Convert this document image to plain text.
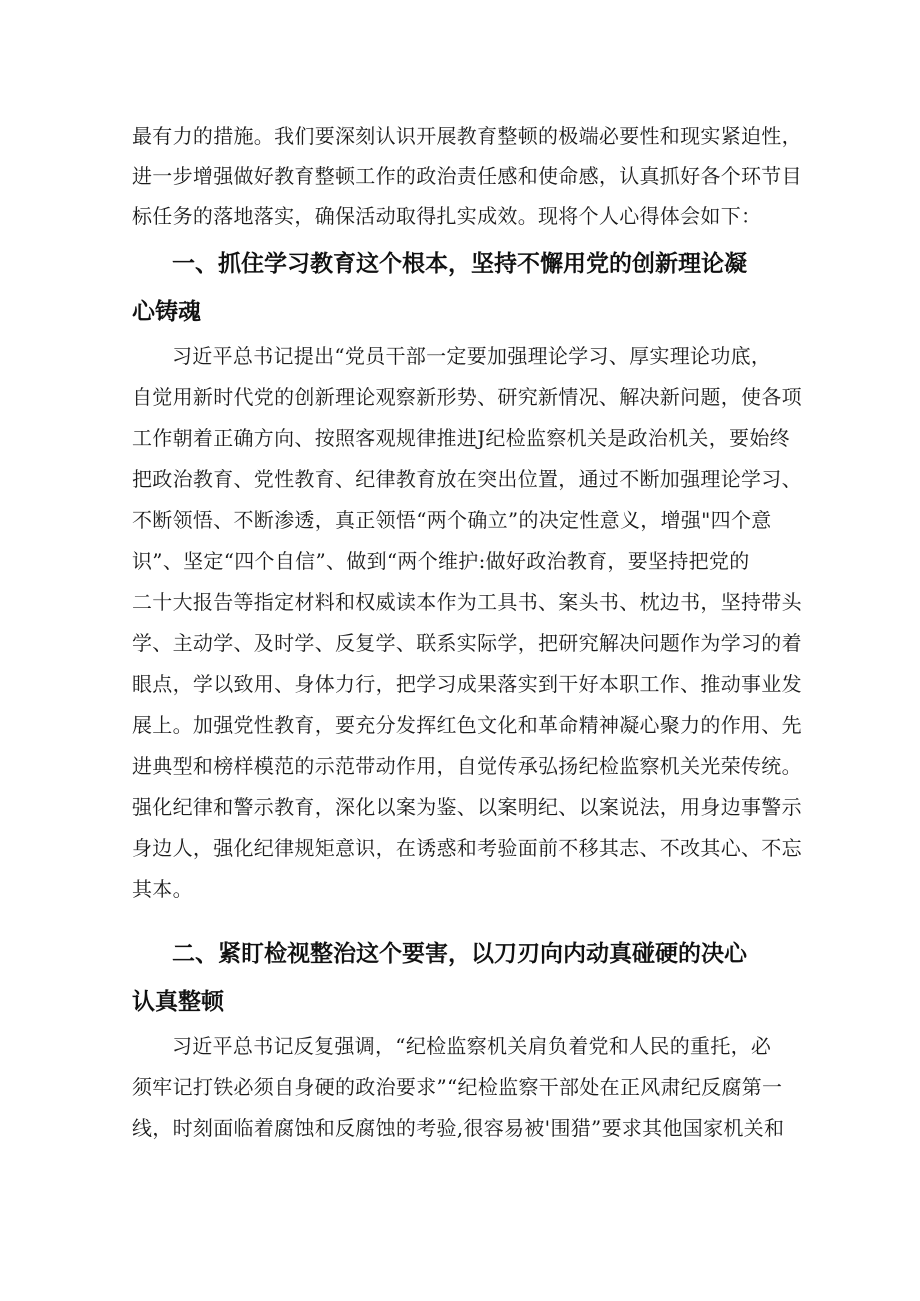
最有力的措施。我们要深刻认识开展教育整顿的极端必要性和现实紧迫性，
进一步增强做好教育整顿工作的政治责任感和使命感，认真抓好各个环节目
标任务的落地落实，确保活动取得扎实成效。现将个人心得体会如下：
一、抓住学习教育这个根本，坚持不懈用党的创新理论凝
心铸魂
习近平总书记提出“党员干部一定要加强理论学习、厚实理论功底，
自觉用新时代党的创新理论观察新形势、研究新情况、解决新问题，使各项
工作朝着正确方向、按照客观规律推进J纪检监察机关是政治机关，要始终
把政治教育、党性教育、纪律教育放在突出位置，通过不断加强理论学习、
不断领悟、不断渗透，真正领悟“两个确立”的决定性意义，增强"四个意
识”、坚定“四个自信”、做到“两个维护:做好政治教育，要坚持把党的
二十大报告等指定材料和权威读本作为工具书、案头书、枕边书，坚持带头
学、主动学、及时学、反复学、联系实际学，把研究解决问题作为学习的着
眼点，学以致用、身体力行，把学习成果落实到干好本职工作、推动事业发
展上。加强党性教育，要充分发挥红色文化和革命精神凝心聚力的作用、先
进典型和榜样模范的示范带动作用，自觉传承弘扬纪检监察机关光荣传统。
强化纪律和警示教育，深化以案为鉴、以案明纪、以案说法，用身边事警示
身边人，强化纪律规矩意识，在诱惑和考验面前不移其志、不改其心、不忘
其本。
二、紧盯检视整治这个要害，以刀刃向内动真碰硬的决心
认真整顿
习近平总书记反复强调，“纪检监察机关肩负着党和人民的重托，必
须牢记打铁必须自身硬的政治要求”“纪检监察干部处在正风肃纪反腐第一
线，时刻面临着腐蚀和反腐蚀的考验,很容易被'围猎”要求其他国家机关和
